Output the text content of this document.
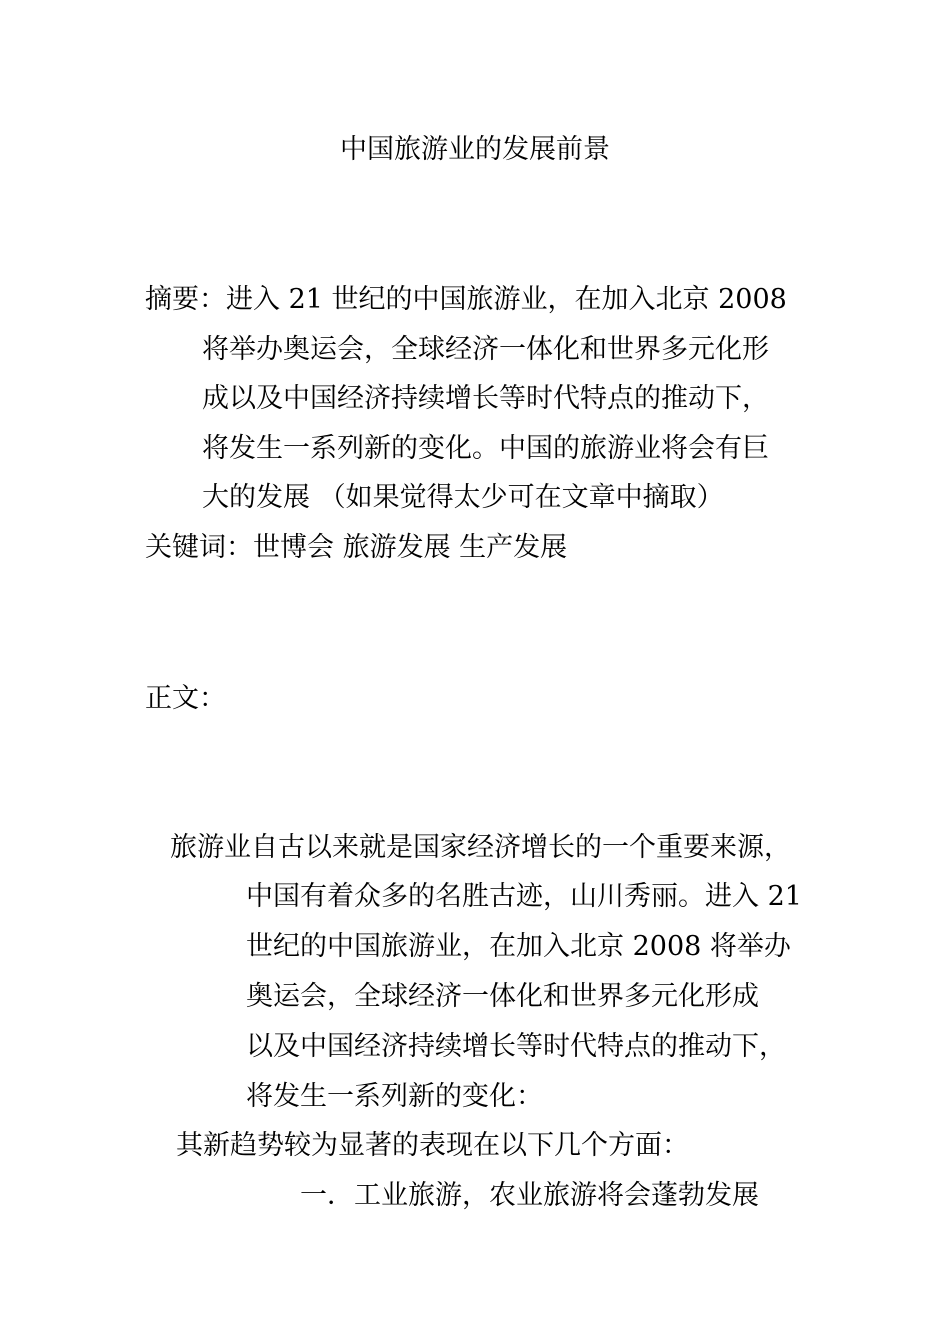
中国旅游业的发展前景
摘要：进入 21 世纪的中国旅游业，在加入北京 2008
将举办奥运会，全球经济一体化和世界多元化形
成以及中国经济持续增长等时代特点的推动下，
将发生一系列新的变化。中国的旅游业将会有巨
大的发展 （如果觉得太少可在文章中摘取）
关键词：世博会 旅游发展 生产发展
正文：
旅游业自古以来就是国家经济增长的一个重要来源，
中国有着众多的名胜古迹，山川秀丽。进入 21
世纪的中国旅游业，在加入北京 2008 将举办
奥运会，全球经济一体化和世界多元化形成
以及中国经济持续增长等时代特点的推动下，
将发生一系列新的变化：
其新趋势较为显著的表现在以下几个方面：
一．工业旅游，农业旅游将会蓬勃发展
